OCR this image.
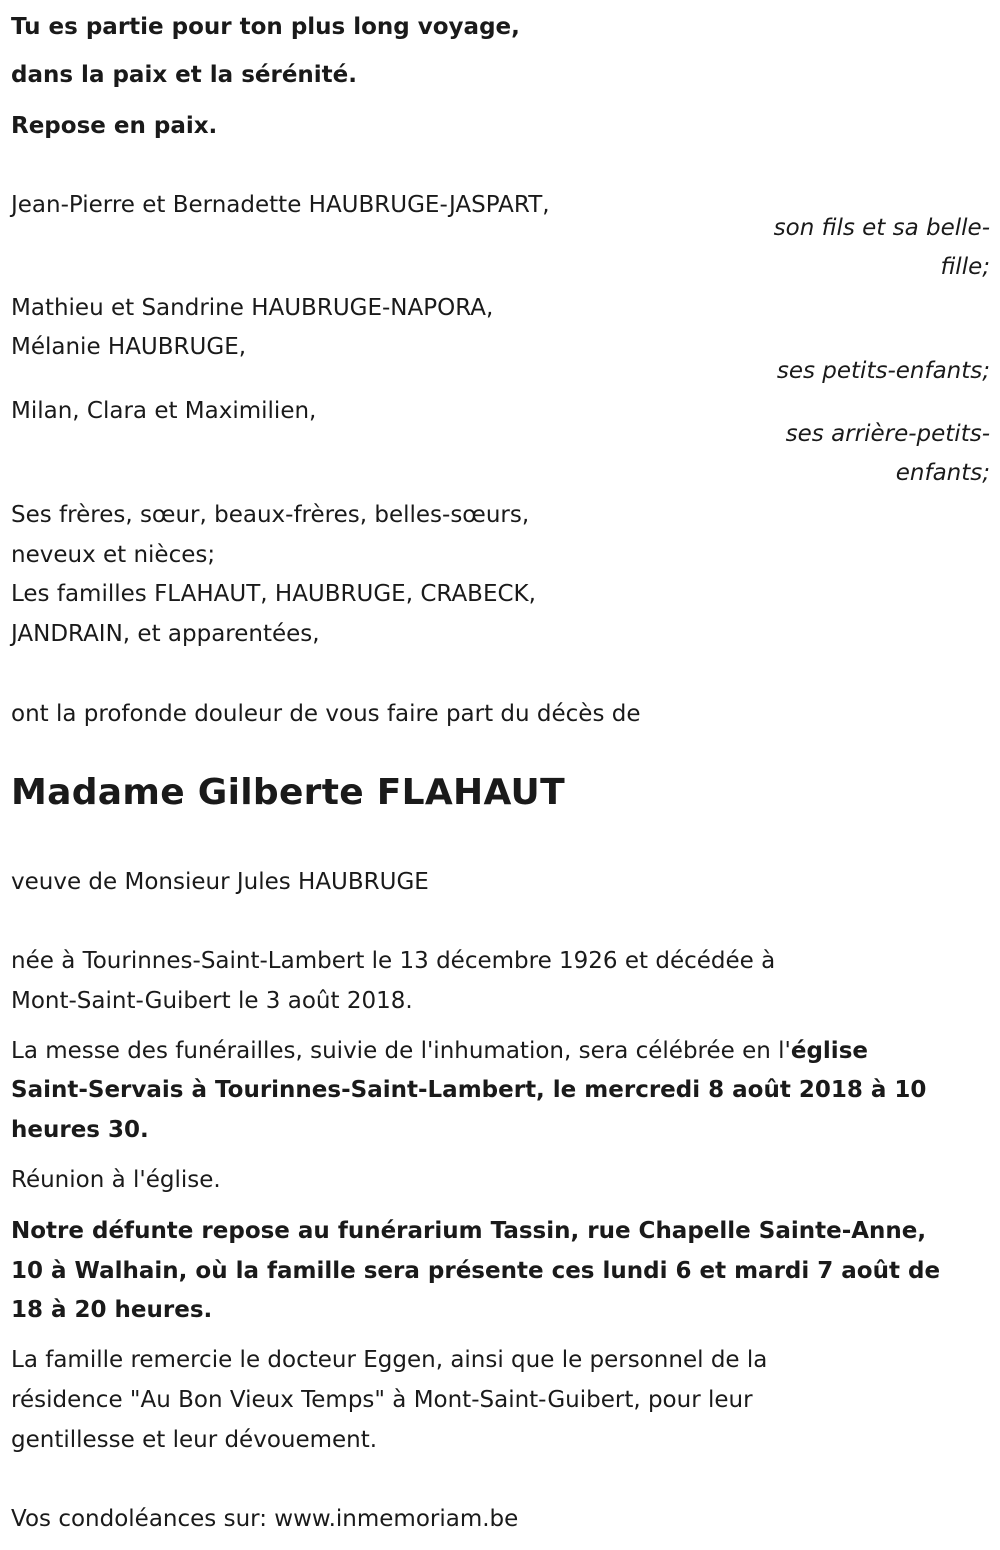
Tu es partie pour ton plus long voyage,
dans la paix et la sérénité.
Repose en paix.
Jean-Pierre et Bernadette HAUBRUGE-JASPART,
son fils et sa belle-
fille;
Mathieu et Sandrine HAUBRUGE-NAPORA,
Mélanie HAUBRUGE,
ses petits-enfants;
Milan, Clara et Maximilien,
ses arrière-petits-
enfants;
Ses frères, sœur, beaux-frères, belles-sœurs,
neveux et nièces;
Les familles FLAHAUT, HAUBRUGE, CRABECK,
JANDRAIN, et apparentées,
ont la profonde douleur de vous faire part du décès de
Madame Gilberte FLAHAUT
veuve de Monsieur Jules HAUBRUGE
née à Tourinnes-Saint-Lambert le 13 décembre 1926 et décédée à
Mont-Saint-Guibert le 3 août 2018.
La messe des funérailles, suivie de l'inhumation, sera célébrée en l'église
Saint-Servais à Tourinnes-Saint-Lambert, le mercredi 8 août 2018 à 10
heures 30.
Réunion à l'église.
Notre défunte repose au funérarium Tassin, rue Chapelle Sainte-Anne,
10 à Walhain, où la famille sera présente ces lundi 6 et mardi 7 août de
18 à 20 heures.
La famille remercie le docteur Eggen, ainsi que le personnel de la
résidence "Au Bon Vieux Temps" à Mont-Saint-Guibert, pour leur
gentillesse et leur dévouement.
Vos condoléances sur: www.inmemoriam.be
